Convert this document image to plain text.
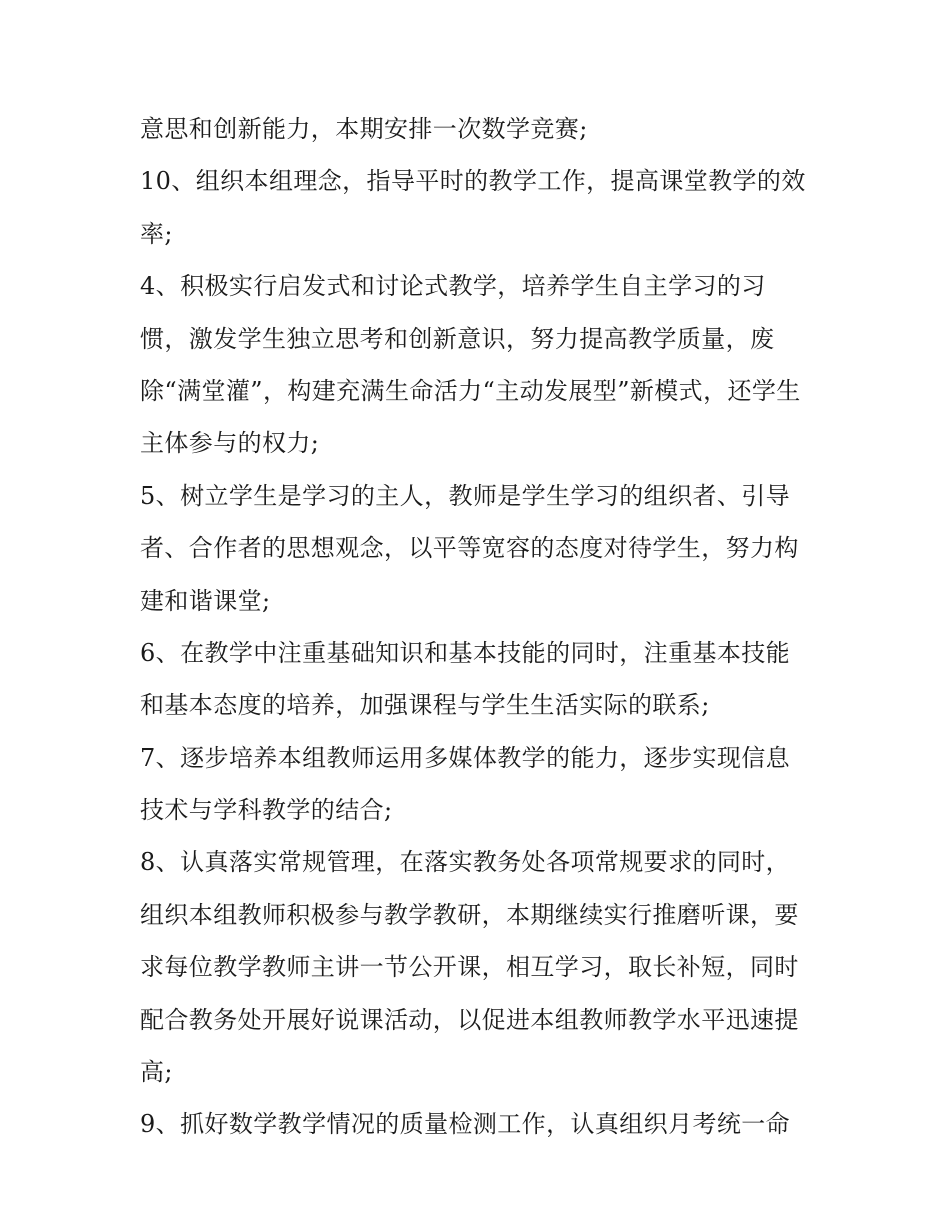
意思和创新能力，本期安排一次数学竞赛;
10、组织本组理念，指导平时的教学工作，提高课堂教学的效
率;
4、积极实行启发式和讨论式教学，培养学生自主学习的习
惯，激发学生独立思考和创新意识，努力提高教学质量，废
除“满堂灌”，构建充满生命活力“主动发展型”新模式，还学生
主体参与的权力;
5、树立学生是学习的主人，教师是学生学习的组织者、引导
者、合作者的思想观念，以平等宽容的态度对待学生，努力构
建和谐课堂;
6、在教学中注重基础知识和基本技能的同时，注重基本技能
和基本态度的培养，加强课程与学生生活实际的联系;
7、逐步培养本组教师运用多媒体教学的能力，逐步实现信息
技术与学科教学的结合;
8、认真落实常规管理，在落实教务处各项常规要求的同时，
组织本组教师积极参与教学教研，本期继续实行推磨听课，要
求每位教学教师主讲一节公开课，相互学习，取长补短，同时
配合教务处开展好说课活动，以促进本组教师教学水平迅速提
高;
9、抓好数学教学情况的质量检测工作，认真组织月考统一命
